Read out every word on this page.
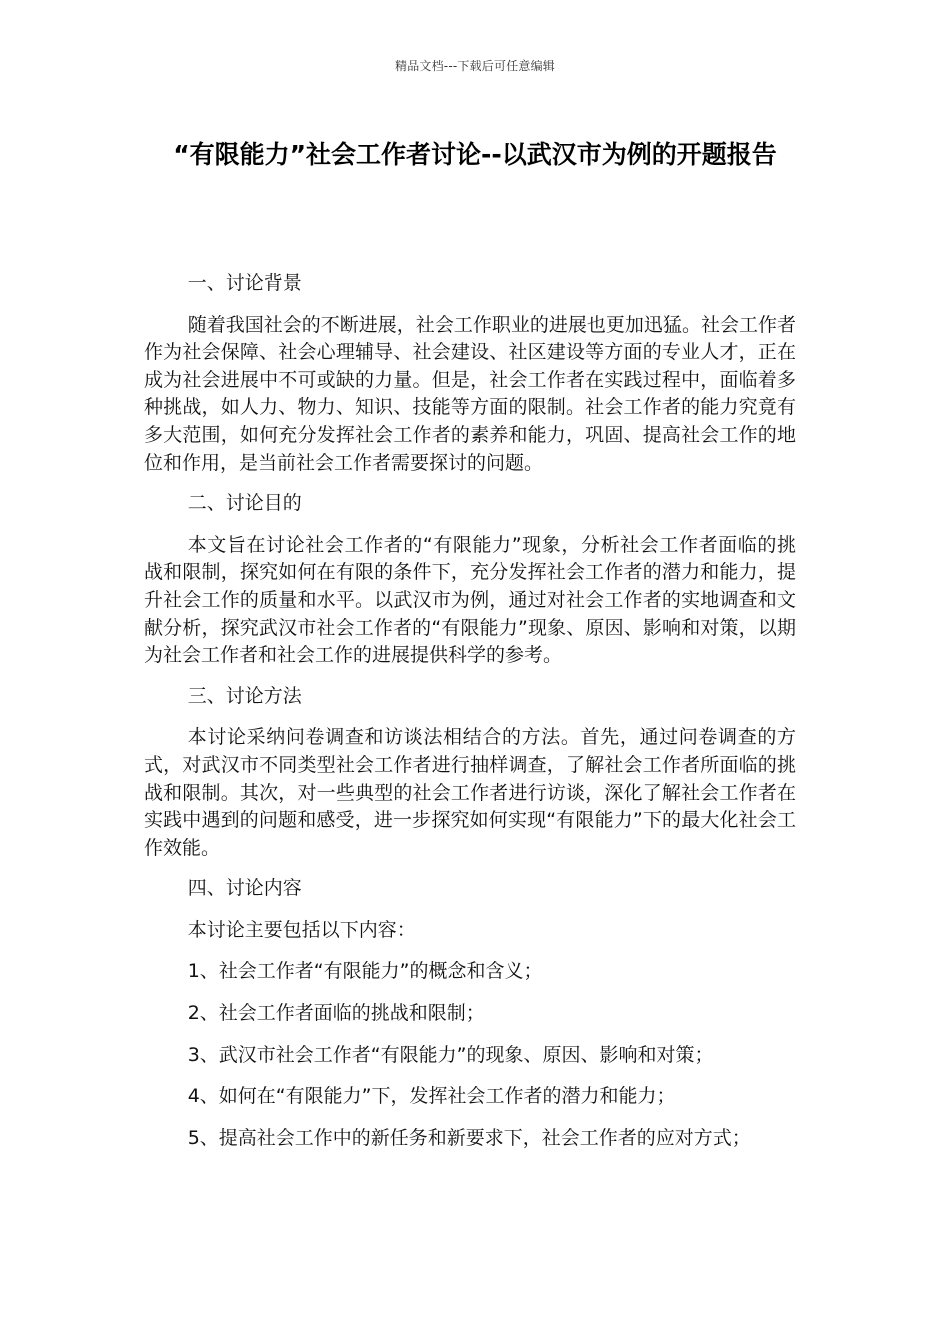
精品文档---下载后可任意编辑
“有限能力”社会工作者讨论--以武汉市为例的开题报告
一、讨论背景
随着我国社会的不断进展，社会工作职业的进展也更加迅猛。社会工作者作为社会保障、社会心理辅导、社会建设、社区建设等方面的专业人才，正在成为社会进展中不可或缺的力量。但是，社会工作者在实践过程中，面临着多种挑战，如人力、物力、知识、技能等方面的限制。社会工作者的能力究竟有多大范围，如何充分发挥社会工作者的素养和能力，巩固、提高社会工作的地位和作用，是当前社会工作者需要探讨的问题。
二、讨论目的
本文旨在讨论社会工作者的“有限能力”现象，分析社会工作者面临的挑战和限制，探究如何在有限的条件下，充分发挥社会工作者的潜力和能力，提升社会工作的质量和水平。以武汉市为例，通过对社会工作者的实地调查和文献分析，探究武汉市社会工作者的“有限能力”现象、原因、影响和对策，以期为社会工作者和社会工作的进展提供科学的参考。
三、讨论方法
本讨论采纳问卷调查和访谈法相结合的方法。首先，通过问卷调查的方式，对武汉市不同类型社会工作者进行抽样调查，了解社会工作者所面临的挑战和限制。其次，对一些典型的社会工作者进行访谈，深化了解社会工作者在实践中遇到的问题和感受，进一步探究如何实现“有限能力”下的最大化社会工作效能。
四、讨论内容
本讨论主要包括以下内容：
1、社会工作者“有限能力”的概念和含义；
2、社会工作者面临的挑战和限制；
3、武汉市社会工作者“有限能力”的现象、原因、影响和对策；
4、如何在“有限能力”下，发挥社会工作者的潜力和能力；
5、提高社会工作中的新任务和新要求下，社会工作者的应对方式；
